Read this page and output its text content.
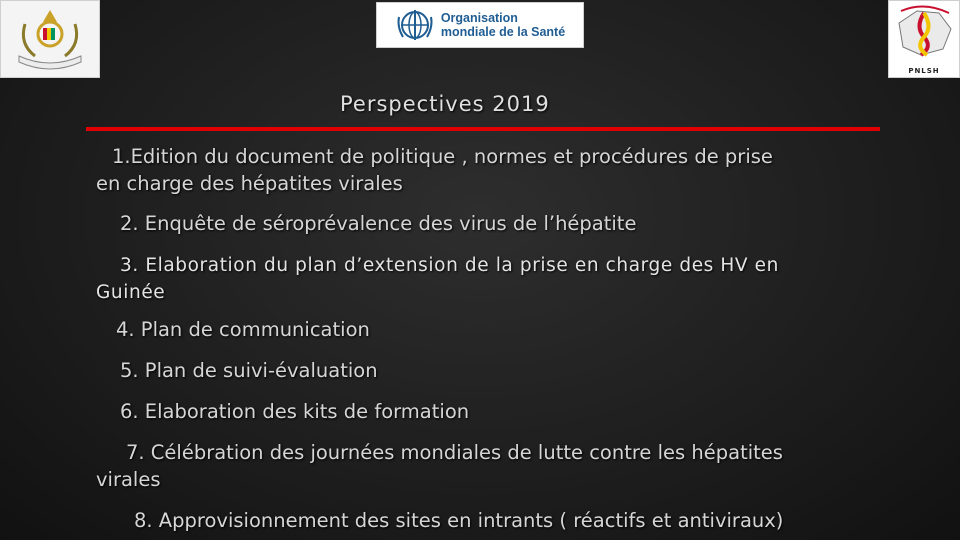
Organisation
mondiale de la Santé
PNLSH
Perspectives 2019
1.Edition du document de politique , normes et procédures de prise
en charge des hépatites virales
2. Enquête de séroprévalence des virus de l’hépatite
3. Elaboration du plan d’extension de la prise en charge des HV en
Guinée
4. Plan de communication
5. Plan de suivi-évaluation
6. Elaboration des kits de formation
7. Célébration des journées mondiales de lutte contre les hépatites
virales
8. Approvisionnement des sites en intrants ( réactifs et antiviraux)
